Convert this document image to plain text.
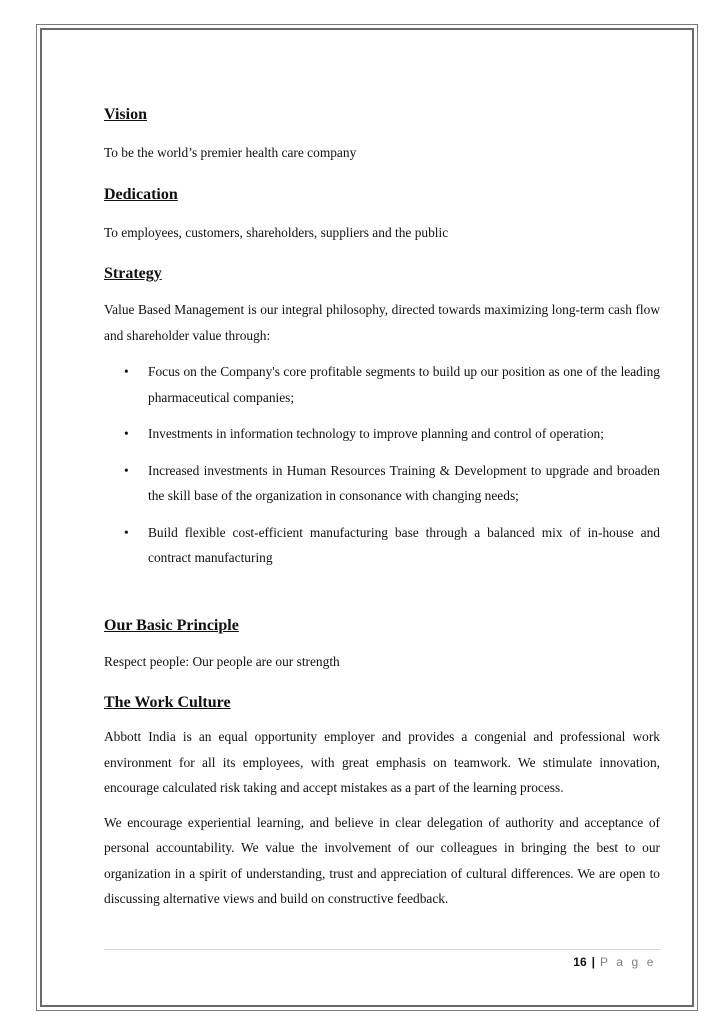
Vision

To be the world’s premier health care company

Dedication

To employees, customers, shareholders, suppliers and the public

Strategy

Value Based Management is our integral philosophy, directed towards maximizing long-term cash flow and shareholder value through:

• Focus on the Company's core profitable segments to build up our position as one of the leading pharmaceutical companies;
• Investments in information technology to improve planning and control of operation;
• Increased investments in Human Resources Training & Development to upgrade and broaden the skill base of the organization in consonance with changing needs;
• Build flexible cost-efficient manufacturing base through a balanced mix of in-house and contract manufacturing
Our Basic Principle

Respect people: Our people are our strength

The Work Culture

Abbott India is an equal opportunity employer and provides a congenial and professional work environment for all its employees, with great emphasis on teamwork. We stimulate innovation, encourage calculated risk taking and accept mistakes as a part of the learning process.

We encourage experiential learning, and believe in clear delegation of authority and acceptance of personal accountability. We value the involvement of our colleagues in bringing the best to our organization in a spirit of understanding, trust and appreciation of cultural differences. We are open to discussing alternative views and build on constructive feedback.

16 | P a g e
